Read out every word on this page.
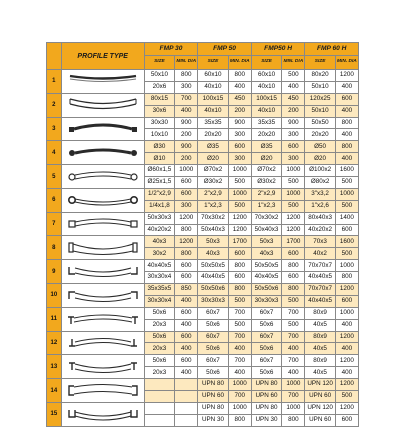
	PROFILE TYPE	FMP 30		FMP 50		FMP50 H		FMP 60 H	
		SIZE	MIN. DIA	SIZE	MIN. DIA	SIZE	MIN. DIA	SIZE	MIN. DIA
1		50x10	800	60x10	800	60x10	500	80x20	1200
		20x6	300	40x10	400	40x10	400	50x10	400
2		80x15	700	100x15	450	100x15	450	120x25	600
		30x6	400	40x10	200	40x10	200	50x10	400
3		30x30	900	35x35	900	35x35	900	50x50	800
		10x10	200	20x20	300	20x20	300	20x20	400
4		Ø30	900	Ø35	600	Ø35	600	Ø50	800
		Ø10	200	Ø20	300	Ø20	300	Ø20	400
5		Ø60x1,5	1000	Ø70x2	1000	Ø70x2	1000	Ø100x2	1600
		Ø25x1,5	600	Ø30x2	500	Ø30x2	500	Ø80x2	500
6		1/2"x2,9	600	2"x2,9	1000	2"x2,9	1000	3"x3,2	1000
		1/4x1,8	300	1"x2,3	500	1"x2,3	500	1"x2,6	500
7		50x30x3	1200	70x30x2	1200	70x30x2	1200	80x40x3	1400
		40x20x2	800	50x40x3	1200	50x40x3	1200	40x20x2	600
8		40x3	1200	50x3	1700	50x3	1700	70x3	1600
		30x2	800	40x3	600	40x3	600	40x2	500
9		40x40x5	600	50x50x5	800	50x50x5	800	70x70x7	1000
		30x30x4	600	40x40x5	600	40x40x5	600	40x40x5	800
10		35x35x5	850	50x50x6	800	50x50x6	800	70x70x7	1200
		30x30x4	400	30x30x3	500	30x30x3	500	40x40x5	600
11		50x6	600	60x7	700	60x7	700	80x9	1000
		20x3	400	50x6	500	50x6	500	40x5	400
12		50x6	600	60x7	700	60x7	700	80x9	1200
		20x3	400	50x6	400	50x6	400	40x5	400
13		50x6	600	60x7	700	60x7	700	80x9	1200
		20x3	400	50x6	400	50x6	400	40x5	400
14				UPN 80	1000	UPN 80	1000	UPN 120	1200
				UPN 60	700	UPN 60	700	UPN 60	500
15				UPN 80	1000	UPN 80	1000	UPN 120	1200
				UPN 30	800	UPN 30	800	UPN 60	600
